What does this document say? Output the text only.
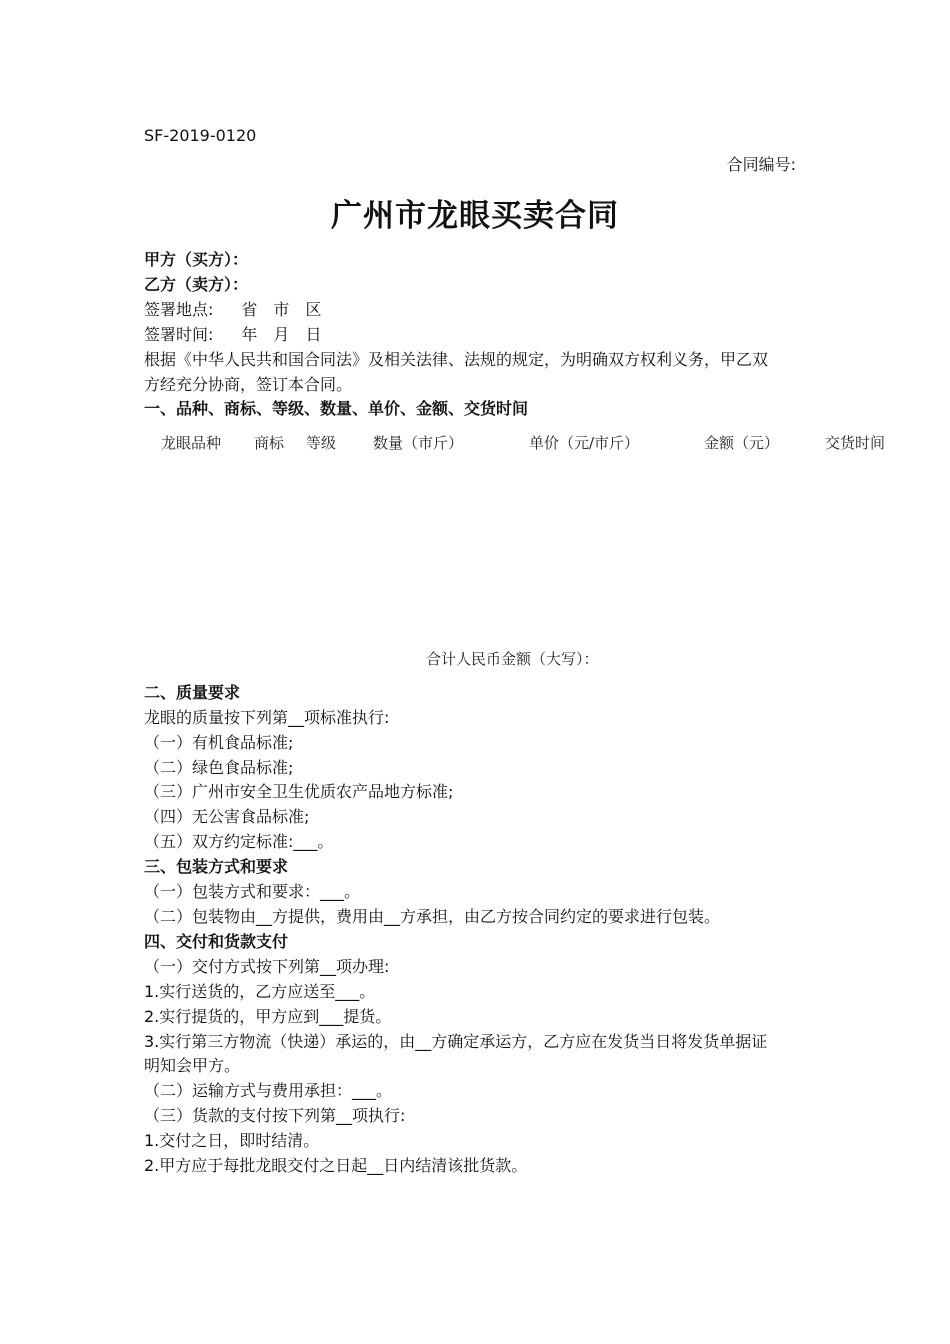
SF-2019-0120
合同编号:
广州市龙眼买卖合同
甲方（买方）：
乙方（卖方）：
签署地点: 省 市 区
签署时间: 年 月 日
根据《中华人民共和国合同法》及相关法律、法规的规定，为明确双方权利义务，甲乙双
方经充分协商，签订本合同。
一、品种、商标、等级、数量、单价、金额、交货时间
龙眼品种 商标 等级 数量（市斤）	单价（元/市斤）	金额（元）	交货时间
合计人民币金额（大写）：
二、质量要求
龙眼的质量按下列第__项标准执行:
（一）有机食品标准;
（二）绿色食品标准;
（三）广州市安全卫生优质农产品地方标准;
（四）无公害食品标准;
（五）双方约定标准:___。
三、包装方式和要求
（一）包装方式和要求：___。
（二）包装物由__方提供，费用由__方承担，由乙方按合同约定的要求进行包装。
四、交付和货款支付
（一）交付方式按下列第__项办理:
1.实行送货的，乙方应送至___。
2.实行提货的，甲方应到___提货。
3.实行第三方物流（快递）承运的，由__方确定承运方，乙方应在发货当日将发货单据证
明知会甲方。
（二）运输方式与费用承担：___。
（三）货款的支付按下列第__项执行:
1.交付之日，即时结清。
2.甲方应于每批龙眼交付之日起__日内结清该批货款。
